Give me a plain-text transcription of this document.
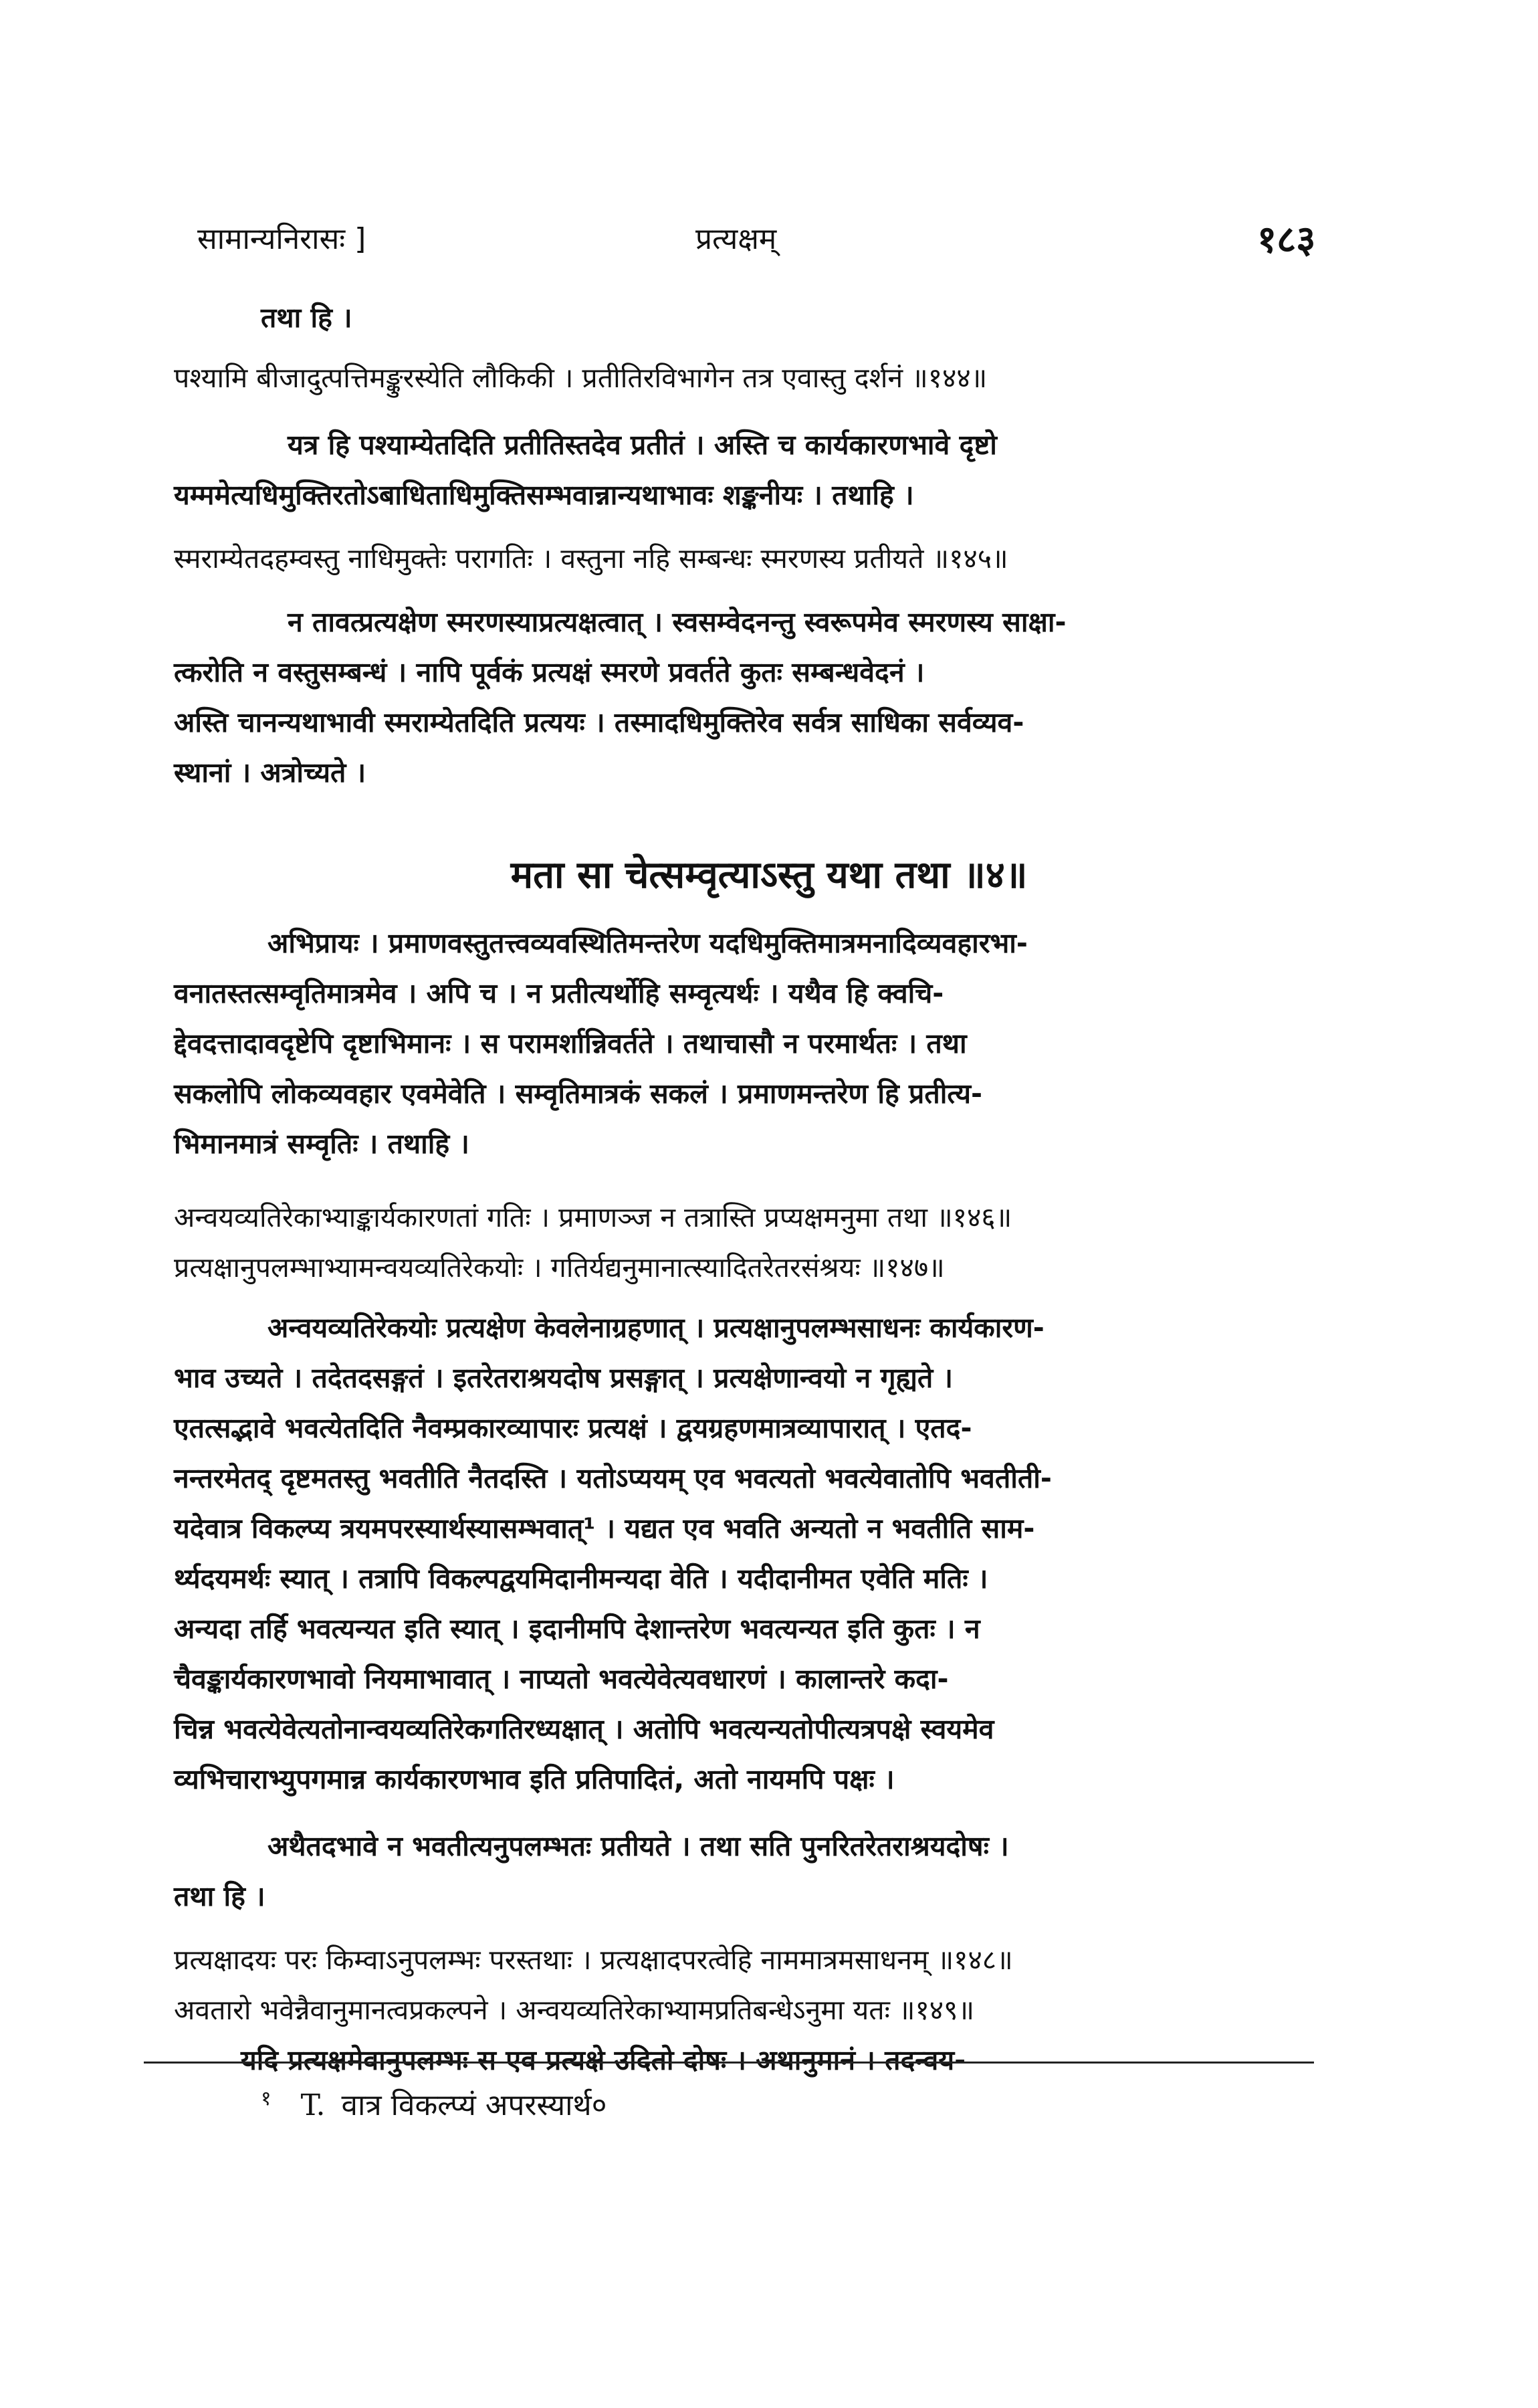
सामान्यनिरासः ]	प्रत्यक्षम्	१८३
तथा हि ।
पश्यामि बीजादुत्पत्तिमङ्कुरस्येति लौकिकी । प्रतीतिरविभागेन तत्र एवास्तु दर्शनं ॥१४४॥
यत्र हि पश्याम्येतदिति प्रतीतिस्तदेव प्रतीतं । अस्ति च कार्यकारणभावे दृष्टो
यम्ममेत्यधिमुक्तिरतोऽबाधिताधिमुक्तिसम्भवान्नान्यथाभावः शङ्कनीयः । तथाहि ।
स्मराम्येतदहम्वस्तु नाधिमुक्तेः परागतिः । वस्तुना नहि सम्बन्धः स्मरणस्य प्रतीयते ॥१४५॥
न तावत्प्रत्यक्षेण स्मरणस्याप्रत्यक्षत्वात् । स्वसम्वेदनन्तु स्वरूपमेव स्मरणस्य साक्षा-
त्करोति न वस्तुसम्बन्धं । नापि पूर्वकं प्रत्यक्षं स्मरणे प्रवर्तते कुतः सम्बन्धवेदनं ।
अस्ति चानन्यथाभावी स्मराम्येतदिति प्रत्ययः । तस्मादधिमुक्तिरेव सर्वत्र साधिका सर्वव्यव-
स्थानां । अत्रोच्यते ।
अभिप्रायः । प्रमाणवस्तुतत्त्वव्यवस्थितिमन्तरेण यदधिमुक्तिमात्रमनादिव्यवहारभा-
वनातस्तत्सम्वृतिमात्रमेव । अपि च । न प्रतीत्यर्थोहि सम्वृत्यर्थः । यथैव हि क्वचि-
द्देवदत्तादावदृष्टेपि दृष्टाभिमानः । स परामर्शान्निवर्तते । तथाचासौ न परमार्थतः । तथा
सकलोपि लोकव्यवहार एवमेवेति । सम्वृतिमात्रकं सकलं । प्रमाणमन्तरेण हि प्रतीत्य-
भिमानमात्रं सम्वृतिः । तथाहि ।
अन्वयव्यतिरेकाभ्याङ्कार्यकारणतां गतिः । प्रमाणञ्ज न तत्रास्ति प्रप्यक्षमनुमा तथा ॥१४६॥
प्रत्यक्षानुपलम्भाभ्यामन्वयव्यतिरेकयोः । गतिर्यद्यनुमानात्स्यादितरेतरसंश्रयः ॥१४७॥
अन्वयव्यतिरेकयोः प्रत्यक्षेण केवलेनाग्रहणात् । प्रत्यक्षानुपलम्भसाधनः कार्यकारण-
भाव उच्यते । तदेतदसङ्गतं । इतरेतराश्रयदोष प्रसङ्गात् । प्रत्यक्षेणान्वयो न गृह्यते ।
एतत्सद्भावे भवत्येतदिति नैवम्प्रकारव्यापारः प्रत्यक्षं । द्वयग्रहणमात्रव्यापारात् । एतद-
नन्तरमेतद् दृष्टमतस्तु भवतीति नैतदस्ति । यतोऽप्ययम् एव भवत्यतो भवत्येवातोपि भवतीती-
यदेवात्र विकल्प्य त्रयमपरस्यार्थस्यासम्भवात्¹ । यद्यत एव भवति अन्यतो न भवतीति साम-
र्थ्यदयमर्थः स्यात् । तत्रापि विकल्पद्वयमिदानीमन्यदा वेति । यदीदानीमत एवेति मतिः ।
अन्यदा तर्हि भवत्यन्यत इति स्यात् । इदानीमपि देशान्तरेण भवत्यन्यत इति कुतः । न
चैवङ्कार्यकारणभावो नियमाभावात् । नाप्यतो भवत्येवेत्यवधारणं । कालान्तरे कदा-
चिन्न भवत्येवेत्यतोनान्वयव्यतिरेकगतिरध्यक्षात् । अतोपि भवत्यन्यतोपीत्यत्रपक्षे स्वयमेव
व्यभिचाराभ्युपगमान्न कार्यकारणभाव इति प्रतिपादितं, अतो नायमपि पक्षः ।
अथैतदभावे न भवतीत्यनुपलम्भतः प्रतीयते । तथा सति पुनरितरेतराश्रयदोषः ।
तथा हि ।
प्रत्यक्षादयः परः किम्वाऽनुपलम्भः परस्तथाः । प्रत्यक्षादपरत्वेहि नाममात्रमसाधनम् ॥१४८॥
अवतारो भवेन्नैवानुमानत्वप्रकल्पने । अन्वयव्यतिरेकाभ्यामप्रतिबन्धेऽनुमा यतः ॥१४९॥
यदि प्रत्यक्षमेवानुपलम्भः स एव प्रत्यक्षे उदितो दोषः । अथानुमानं । तदन्वय-
मता सा चेत्सम्वृत्याऽस्तु यथा तथा ॥४॥
$^१$ T. वात्र विकल्प्यं अपरस्यार्थ०
